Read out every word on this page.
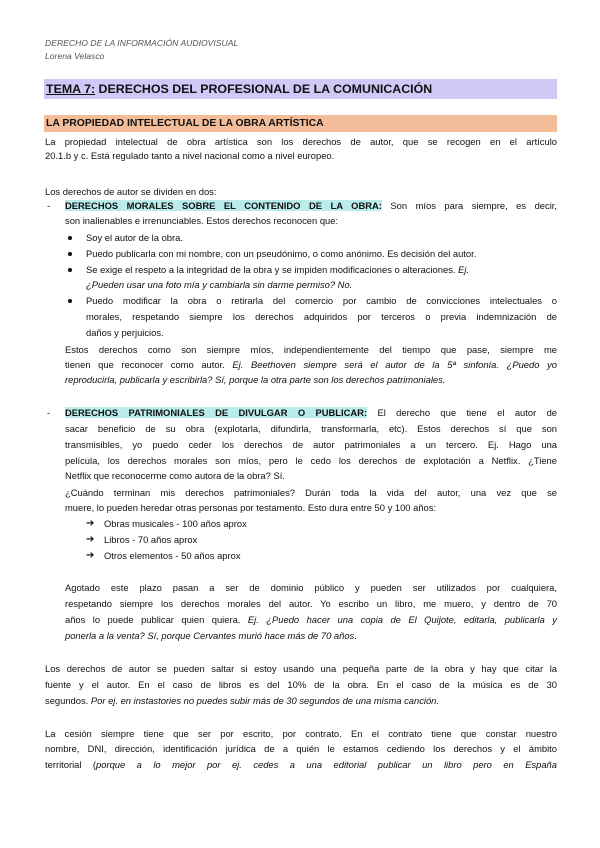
DERECHO DE LA INFORMACIÓN AUDIOVISUAL
Lorena Velasco
TEMA 7: DERECHOS DEL PROFESIONAL DE LA COMUNICACIÓN
LA PROPIEDAD INTELECTUAL DE LA OBRA ARTÍSTICA
La propiedad intelectual de obra artística son los derechos de autor, que se recogen en el artículo
20.1.b y c. Está regulado tanto a nivel nacional como a nivel europeo.
Los derechos de autor se dividen en dos:
- DERECHOS MORALES SOBRE EL CONTENIDO DE LA OBRA: Son míos para siempre, es decir,
son inalienables e irrenunciables. Estos derechos reconocen que:
Soy el autor de la obra.
Puedo publicarla con mi nombre, con un pseudónimo, o como anónimo. Es decisión del autor.
Se exige el respeto a la integridad de la obra y se impiden modificaciones o alteraciones. Ej.
¿Pueden usar una foto mía y cambiarla sin darme permiso? No.
Puedo modificar la obra o retirarla del comercio por cambio de convicciones intelectuales o
morales, respetando siempre los derechos adquiridos por terceros o previa indemnización de
daños y perjuicios.
Estos derechos como son siempre míos, independientemente del tiempo que pase, siempre me
tienen que reconocer como autor. Ej. Beethoven siempre será el autor de la 5ª sinfonía. ¿Puedo yo
reproducirla, publicarla y escribirla? Sí, porque la otra parte son los derechos patrimoniales.
- DERECHOS PATRIMONIALES DE DIVULGAR O PUBLICAR: El derecho que tiene el autor de
sacar beneficio de su obra (explotarla, difundirla, transformarla, etc). Estos derechos sí que son
transmisibles, yo puedo ceder los derechos de autor patrimoniales a un tercero. Ej. Hago una
película, los derechos morales son míos, pero le cedo los derechos de explotación a Netflix. ¿Tiene
Netflix que reconocerme como autora de la obra? Sí.
¿Cuándo terminan mis derechos patrimoniales? Durán toda la vida del autor, una vez que se
muere, lo pueden heredar otras personas por testamento. Esto dura entre 50 y 100 años:
➔ Obras musicales - 100 años aprox
➔ Libros - 70 años aprox
➔ Otros elementos - 50 años aprox
Agotado este plazo pasan a ser de dominio público y pueden ser utilizados por cualquiera,
respetando siempre los derechos morales del autor. Yo escribo un libro, me muero, y dentro de 70
años lo puede publicar quien quiera. Ej. ¿Puedo hacer una copia de El Quijote, editarla, publicarla y
ponerla a la venta? Sí, porque Cervantes murió hace más de 70 años.
Los derechos de autor se pueden saltar si estoy usando una pequeña parte de la obra y hay que citar la
fuente y el autor. En el caso de libros es del 10% de la obra. En el caso de la música es de 30
segundos. Por ej. en instastories no puedes subir más de 30 segundos de una misma canción.
La cesión siempre tiene que ser por escrito, por contrato. En el contrato tiene que constar nuestro
nombre, DNI, dirección, identificación jurídica de a quién le estamos cediendo los derechos y el ámbito
territorial (porque a lo mejor por ej. cedes a una editorial publicar un libro pero en España
